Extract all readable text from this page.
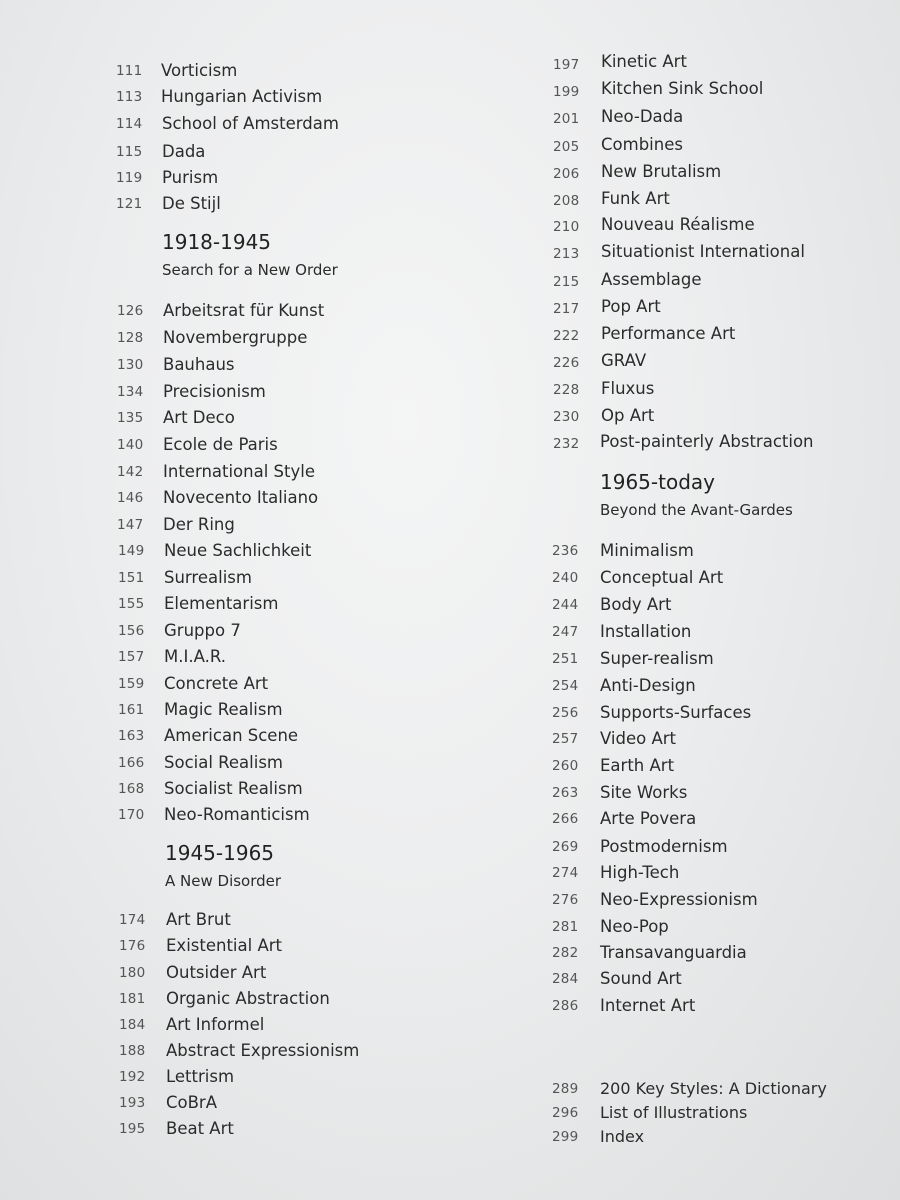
111 Vorticism
113 Hungarian Activism
114 School of Amsterdam
115 Dada
119 Purism
121 De Stijl
1918-1945
Search for a New Order
126 Arbeitsrat für Kunst
128 Novembergruppe
130 Bauhaus
134 Precisionism
135 Art Deco
140 Ecole de Paris
142 International Style
146 Novecento Italiano
147 Der Ring
149 Neue Sachlichkeit
151 Surrealism
155 Elementarism
156 Gruppo 7
157 M.I.A.R.
159 Concrete Art
161 Magic Realism
163 American Scene
166 Social Realism
168 Socialist Realism
170 Neo-Romanticism
1945-1965
A New Disorder
174 Art Brut
176 Existential Art
180 Outsider Art
181 Organic Abstraction
184 Art Informel
188 Abstract Expressionism
192 Lettrism
193 CoBrA
195 Beat Art
197 Kinetic Art
199 Kitchen Sink School
201 Neo-Dada
205 Combines
206 New Brutalism
208 Funk Art
210 Nouveau Réalisme
213 Situationist International
215 Assemblage
217 Pop Art
222 Performance Art
226 GRAV
228 Fluxus
230 Op Art
232 Post-painterly Abstraction
1965-today
Beyond the Avant-Gardes
236 Minimalism
240 Conceptual Art
244 Body Art
247 Installation
251 Super-realism
254 Anti-Design
256 Supports-Surfaces
257 Video Art
260 Earth Art
263 Site Works
266 Arte Povera
269 Postmodernism
274 High-Tech
276 Neo-Expressionism
281 Neo-Pop
282 Transavanguardia
284 Sound Art
286 Internet Art
289 200 Key Styles: A Dictionary
296 List of Illustrations
299 Index
